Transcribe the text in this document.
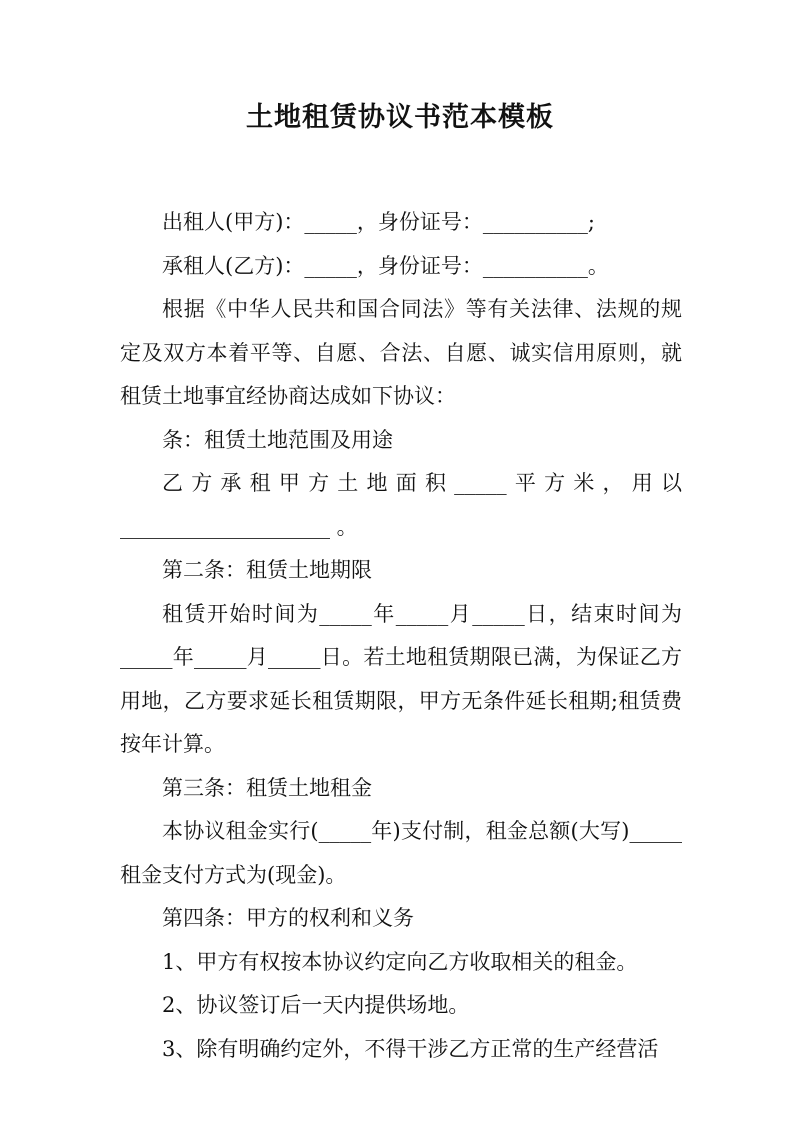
土地租赁协议书范本模板

出租人(甲方)：_____，身份证号：__________;

承租人(乙方)：_____，身份证号：__________。

根据《中华人民共和国合同法》等有关法律、法规的规定及双方本着平等、自愿、合法、自愿、诚实信用原则，就租赁土地事宜经协商达成如下协议：

条：租赁土地范围及用途

乙方承租甲方土地面积_____平方米，用以

____________________ 。

第二条：租赁土地期限

租赁开始时间为_____年_____月_____日，结束时间为_____年_____月_____日。若土地租赁期限已满，为保证乙方用地，乙方要求延长租赁期限，甲方无条件延长租期;租赁费按年计算。

第三条：租赁土地租金

本协议租金实行(_____年)支付制，租金总额(大写)_____租金支付方式为(现金)。

第四条：甲方的权利和义务

1、甲方有权按本协议约定向乙方收取相关的租金。

2、协议签订后一天内提供场地。

3、除有明确约定外，不得干涉乙方正常的生产经营活
